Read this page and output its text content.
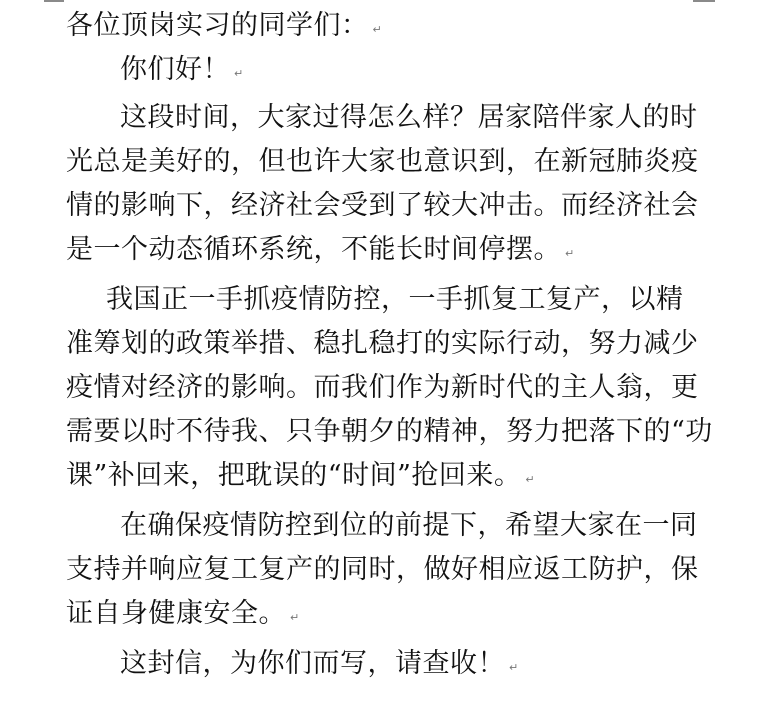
各位顶岗实习的同学们： ↵
你们好！ ↵
这段时间，大家过得怎么样？居家陪伴家人的时
光总是美好的，但也许大家也意识到，在新冠肺炎疫
情的影响下，经济社会受到了较大冲击。而经济社会
是一个动态循环系统，不能长时间停摆。 ↵
我国正一手抓疫情防控，一手抓复工复产，以精
准筹划的政策举措、稳扎稳打的实际行动，努力减少
疫情对经济的影响。而我们作为新时代的主人翁，更
需要以时不待我、只争朝夕的精神，努力把落下的“功
课”补回来，把耽误的“时间”抢回来。 ↵
在确保疫情防控到位的前提下，希望大家在一同
支持并响应复工复产的同时，做好相应返工防护，保
证自身健康安全。 ↵
这封信，为你们而写，请查收！ ↵
